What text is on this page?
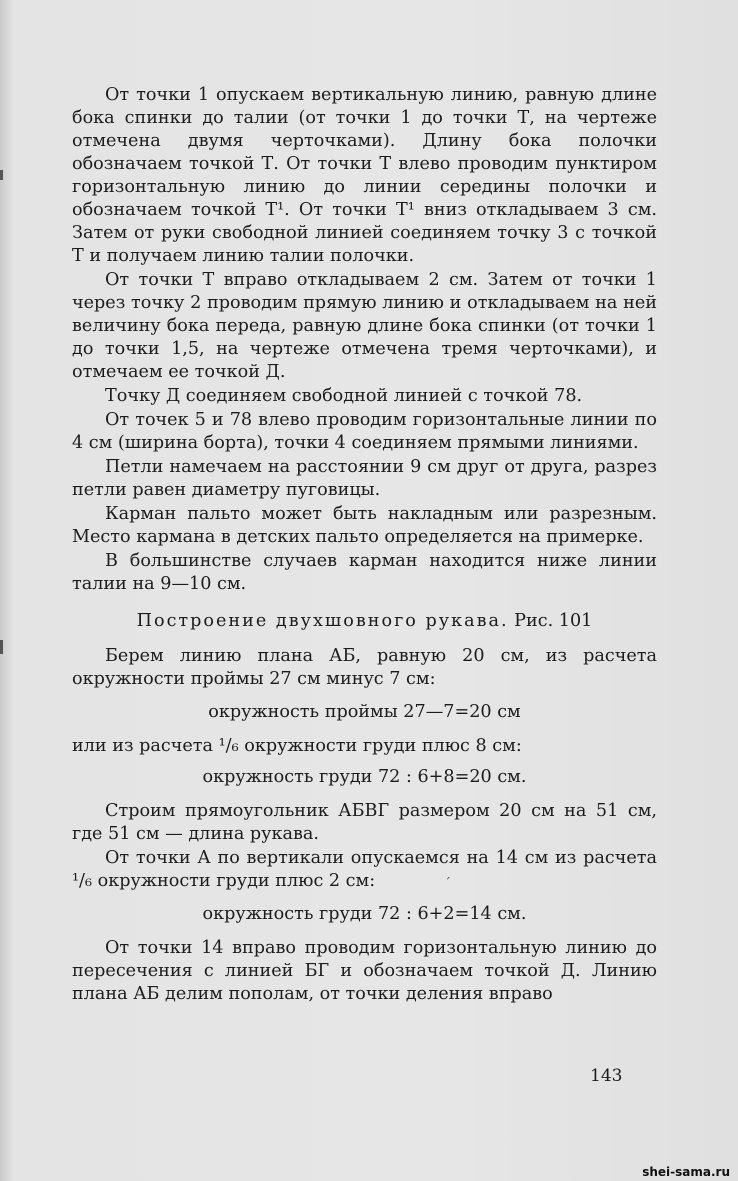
От точки 1 опускаем вертикальную линию, равную длине бока спинки до талии (от точки 1 до точки Т, на чертеже отмечена двумя черточками). Длину бока полочки обозначаем точкой Т. От точки Т влево проводим пунктиром горизонтальную линию до линии середины полочки и обозначаем точкой Т¹. От точки Т¹ вниз откладываем 3 см. Затем от руки свободной линией соединяем точку 3 с точкой Т и получаем линию талии полочки.

От точки Т вправо откладываем 2 см. Затем от точки 1 через точку 2 проводим прямую линию и откладываем на ней величину бока переда, равную длине бока спинки (от точки 1 до точки 1,5, на чертеже отмечена тремя черточками), и отмечаем ее точкой Д.

Точку Д соединяем свободной линией с точкой 78.

От точек 5 и 78 влево проводим горизонтальные линии по 4 см (ширина борта), точки 4 соединяем прямыми линиями.

Петли намечаем на расстоянии 9 см друг от друга, разрез петли равен диаметру пуговицы.

Карман пальто может быть накладным или разрезным. Место кармана в детских пальто определяется на примерке.

В большинстве случаев карман находится ниже линии талии на 9—10 см.

Построение двухшовного рукава. Рис. 101

Берем линию плана АБ, равную 20 см, из расчета окружности проймы 27 см минус 7 см:

окружность проймы 27—7=20 см

или из расчета ¹/₆ окружности груди плюс 8 см:

окружность груди 72 : 6+8=20 см.

Строим прямоугольник АБВГ размером 20 см на 51 см, где 51 см — длина рукава.

От точки А по вертикали опускаемся на 14 см из расчета ¹/₆ окружности груди плюс 2 см:

окружность груди 72 : 6+2=14 см.

От точки 14 вправо проводим горизонтальную линию до пересечения с линией БГ и обозначаем точкой Д. Линию плана АБ делим пополам, от точки деления вправо

´
143
shei-sama.ru
